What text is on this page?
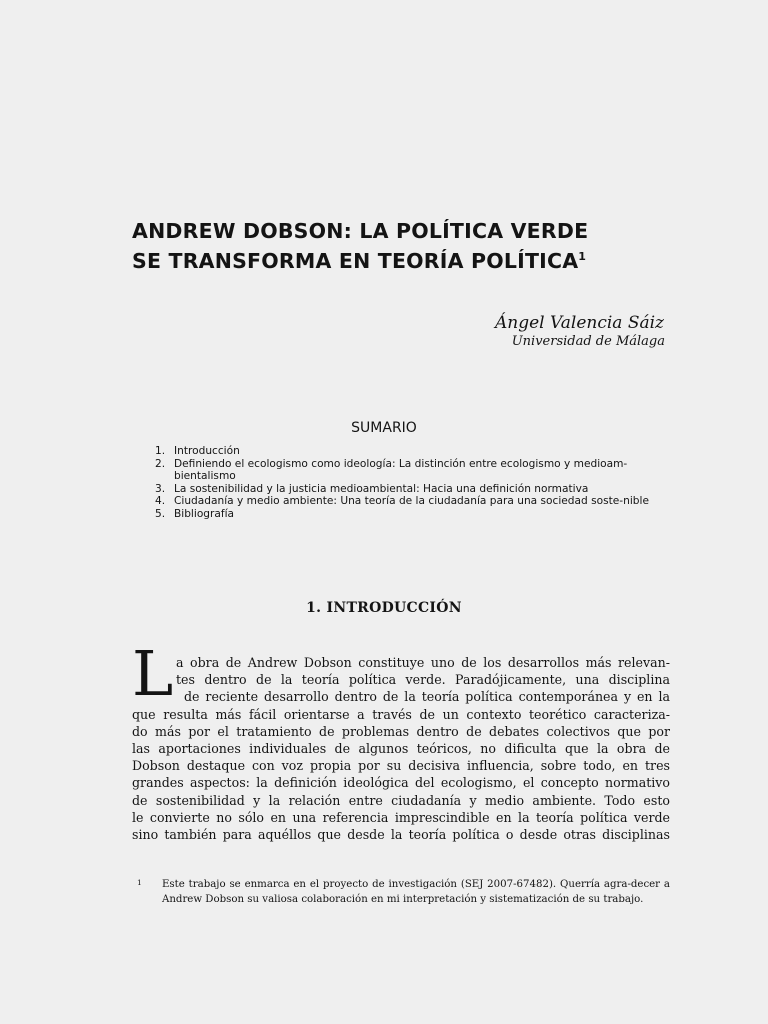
ANDREW DOBSON: LA POLÍTICA VERDE
SE TRANSFORMA EN TEORÍA POLÍTICA$^1$

Ángel Valencia Sáiz

Universidad de Málaga

SUMARIO

1. Introducción
2. Definiendo el ecologismo como ideología: La distinción entre ecologismo y medioam-bientalismo
3. La sostenibilidad y la justicia medioambiental: Hacia una definición normativa
4. Ciudadanía y medio ambiente: Una teoría de la ciudadanía para una sociedad soste-nible
5. Bibliografía
1. INTRODUCCIÓN
L a obra de Andrew Dobson constituye uno de los desarrollos más relevan-
tes dentro de la teoría política verde. Paradójicamente, una disciplina
de reciente desarrollo dentro de la teoría política contemporánea y en la
que resulta más fácil orientarse a través de un contexto teorético caracteriza-
do más por el tratamiento de problemas dentro de debates colectivos que por
las aportaciones individuales de algunos teóricos, no dificulta que la obra de
Dobson destaque con voz propia por su decisiva influencia, sobre todo, en tres
grandes aspectos: la definición ideológica del ecologismo, el concepto normativo
de sostenibilidad y la relación entre ciudadanía y medio ambiente. Todo esto
le convierte no sólo en una referencia imprescindible en la teoría política verde
sino también para aquéllos que desde la teoría política o desde otras disciplinas
1 Este trabajo se enmarca en el proyecto de investigación (SEJ 2007-67482). Querría agra-decer a Andrew Dobson su valiosa colaboración en mi interpretación y sistematización de su trabajo.
